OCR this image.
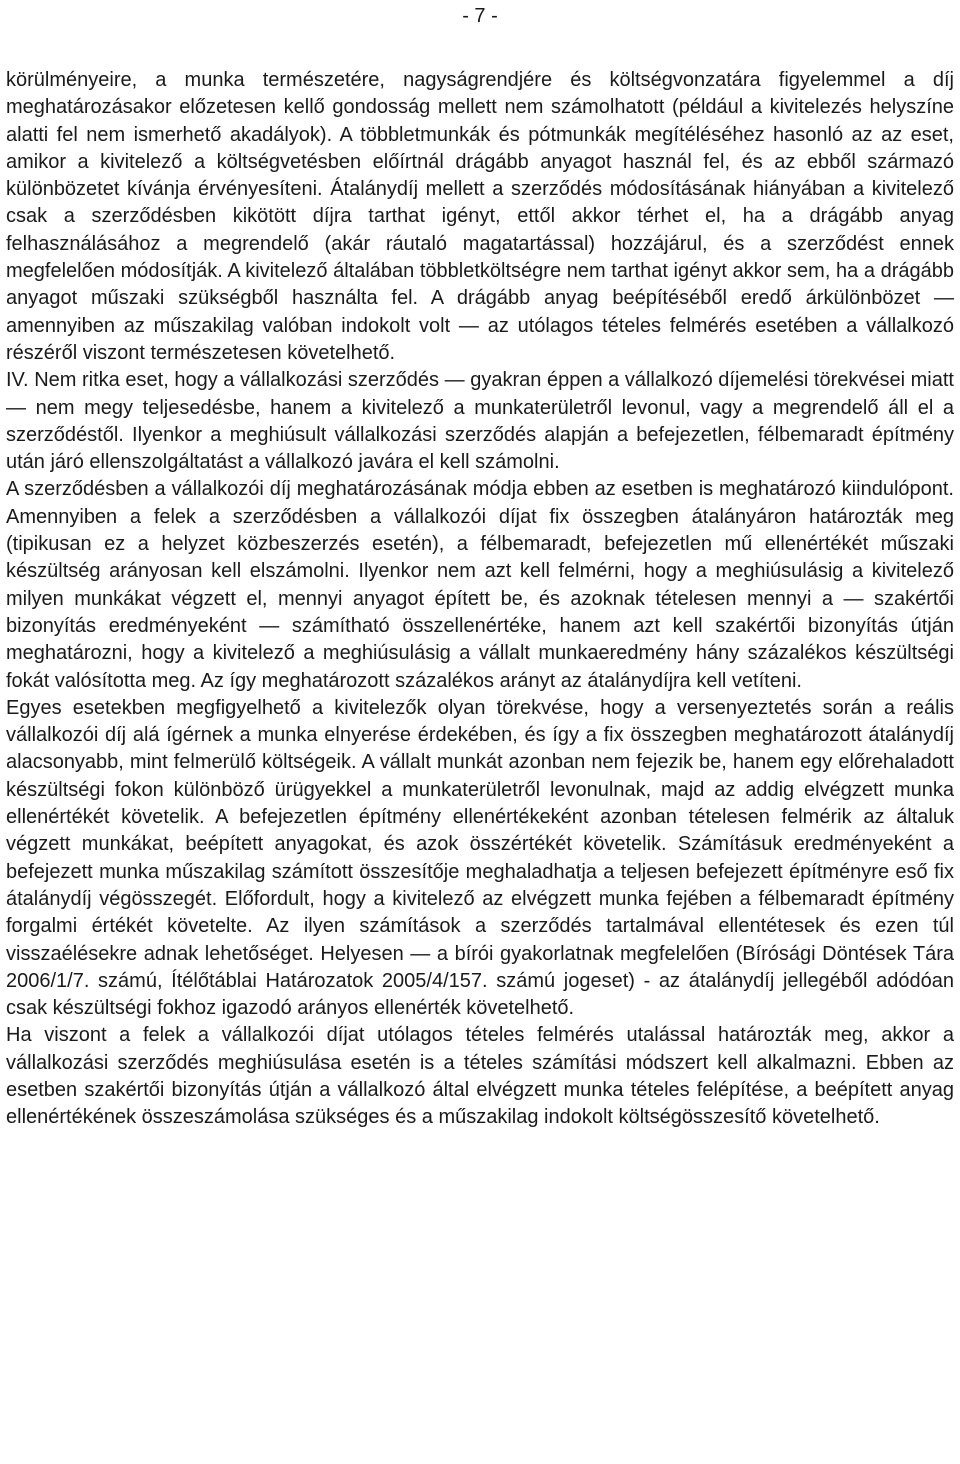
- 7 -

körülményeire, a munka természetére, nagyságrendjére és költségvonzatára figyelemmel a díj meghatározásakor előzetesen kellő gondosság mellett nem számolhatott (például a kivitelezés helyszíne alatti fel nem ismerhető akadályok). A többletmunkák és pótmunkák megítéléséhez hasonló az az eset, amikor a kivitelező a költségvetésben előírtnál drágább anyagot használ fel, és az ebből származó különbözetet kívánja érvényesíteni. Átalánydíj mellett a szerződés módosításának hiányában a kivitelező csak a szerződésben kikötött díjra tarthat igényt, ettől akkor térhet el, ha a drágább anyag felhasználásához a megrendelő (akár ráutaló magatartással) hozzájárul, és a szerződést ennek megfelelően módosítják. A kivitelező általában többletköltségre nem tarthat igényt akkor sem, ha a drágább anyagot műszaki szükségből használta fel. A drágább anyag beépítéséből eredő árkülönbözet — amennyiben az műszakilag valóban indokolt volt — az utólagos tételes felmérés esetében a vállalkozó részéről viszont természetesen követelhető.

IV. Nem ritka eset, hogy a vállalkozási szerződés — gyakran éppen a vállalkozó díjemelési törekvései miatt — nem megy teljesedésbe, hanem a kivitelező a munkaterületről levonul, vagy a megrendelő áll el a szerződéstől. Ilyenkor a meghiúsult vállalkozási szerződés alapján a befejezetlen, félbemaradt építmény után járó ellenszolgáltatást a vállalkozó javára el kell számolni.

A szerződésben a vállalkozói díj meghatározásának módja ebben az esetben is meghatározó kiindulópont. Amennyiben a felek a szerződésben a vállalkozói díjat fix összegben átalányáron határozták meg (tipikusan ez a helyzet közbeszerzés esetén), a félbemaradt, befejezetlen mű ellenértékét műszaki készültség arányosan kell elszámolni. Ilyenkor nem azt kell felmérni, hogy a meghiúsulásig a kivitelező milyen munkákat végzett el, mennyi anyagot épített be, és azoknak tételesen mennyi a — szakértői bizonyítás eredményeként — számítható összellenértéke, hanem azt kell szakértői bizonyítás útján meghatározni, hogy a kivitelező a meghiúsulásig a vállalt munkaeredmény hány százalékos készültségi fokát valósította meg. Az így meghatározott százalékos arányt az átalánydíjra kell vetíteni.

Egyes esetekben megfigyelhető a kivitelezők olyan törekvése, hogy a versenyeztetés során a reális vállalkozói díj alá ígérnek a munka elnyerése érdekében, és így a fix összegben meghatározott átalánydíj alacsonyabb, mint felmerülő költségeik. A vállalt munkát azonban nem fejezik be, hanem egy előrehaladott készültségi fokon különböző ürügyekkel a munkaterületről levonulnak, majd az addig elvégzett munka ellenértékét követelik. A befejezetlen építmény ellenértékeként azonban tételesen felmérik az általuk végzett munkákat, beépített anyagokat, és azok összértékét követelik. Számításuk eredményeként a befejezett munka műszakilag számított összesítője meghaladhatja a teljesen befejezett építményre eső fix átalánydíj végösszegét. Előfordult, hogy a kivitelező az elvégzett munka fejében a félbemaradt építmény forgalmi értékét követelte. Az ilyen számítások a szerződés tartalmával ellentétesek és ezen túl visszaélésekre adnak lehetőséget. Helyesen — a bírói gyakorlatnak megfelelően (Bírósági Döntések Tára 2006/1/7. számú, Ítélőtáblai Határozatok 2005/4/157. számú jogeset) - az átalánydíj jellegéből adódóan csak készültségi fokhoz igazodó arányos ellenérték követelhető.

Ha viszont a felek a vállalkozói díjat utólagos tételes felmérés utalással határozták meg, akkor a vállalkozási szerződés meghiúsulása esetén is a tételes számítási módszert kell alkalmazni. Ebben az esetben szakértői bizonyítás útján a vállalkozó által elvégzett munka tételes felépítése, a beépített anyag ellenértékének összeszámolása szükséges és a műszakilag indokolt költségösszesítő követelhető.
